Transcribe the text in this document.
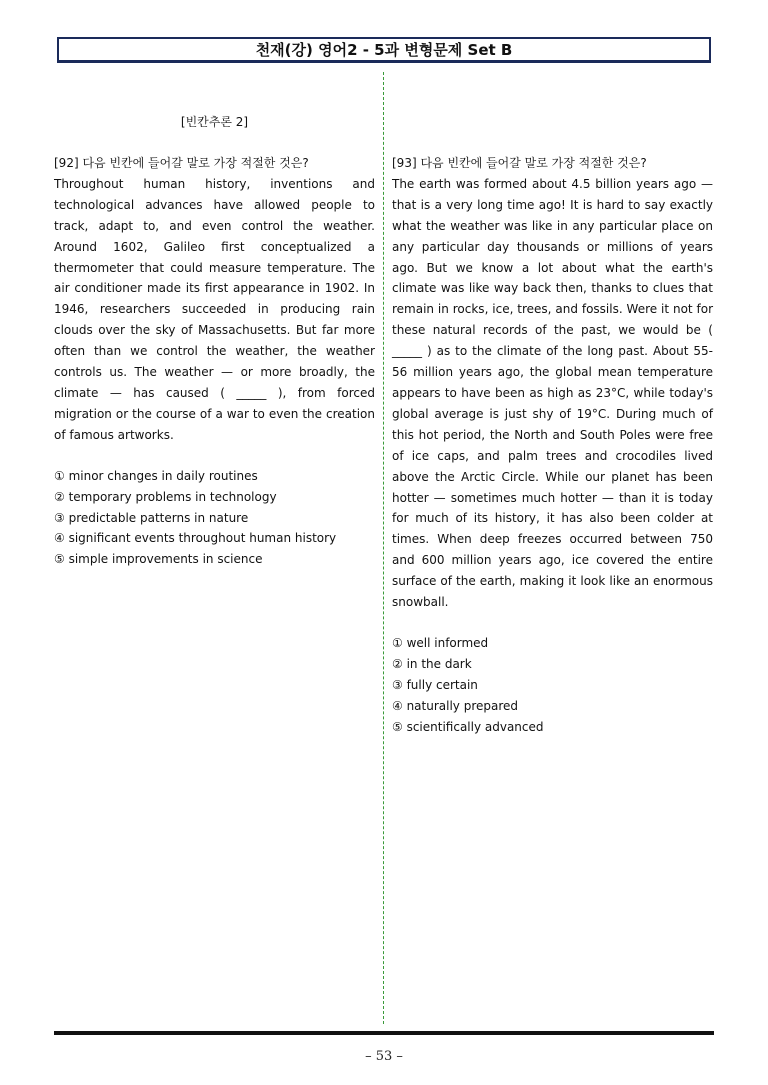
천재(강) 영어2 - 5과 변형문제 Set B
[빈칸추론 2]
[92] 다음 빈칸에 들어갈 말로 가장 적절한 것은?
Throughout human history, inventions and technological advances have allowed people to track, adapt to, and even control the weather. Around 1602, Galileo first conceptualized a thermometer that could measure temperature. The air conditioner made its first appearance in 1902. In 1946, researchers succeeded in producing rain clouds over the sky of Massachusetts. But far more often than we control the weather, the weather controls us. The weather — or more broadly, the climate — has caused ( _____ ), from forced migration or the course of a war to even the creation of famous artworks.
① minor changes in daily routines
② temporary problems in technology
③ predictable patterns in nature
④ significant events throughout human history
⑤ simple improvements in science
[93] 다음 빈칸에 들어갈 말로 가장 적절한 것은?
The earth was formed about 4.5 billion years ago — that is a very long time ago! It is hard to say exactly what the weather was like in any particular place on any particular day thousands or millions of years ago. But we know a lot about what the earth's climate was like way back then, thanks to clues that remain in rocks, ice, trees, and fossils. Were it not for these natural records of the past, we would be ( _____ ) as to the climate of the long past. About 55-56 million years ago, the global mean temperature appears to have been as high as 23°C, while today's global average is just shy of 19°C. During much of this hot period, the North and South Poles were free of ice caps, and palm trees and crocodiles lived above the Arctic Circle. While our planet has been hotter — sometimes much hotter — than it is today for much of its history, it has also been colder at times. When deep freezes occurred between 750 and 600 million years ago, ice covered the entire surface of the earth, making it look like an enormous snowball.
① well informed
② in the dark
③ fully certain
④ naturally prepared
⑤ scientifically advanced
– 53 –
